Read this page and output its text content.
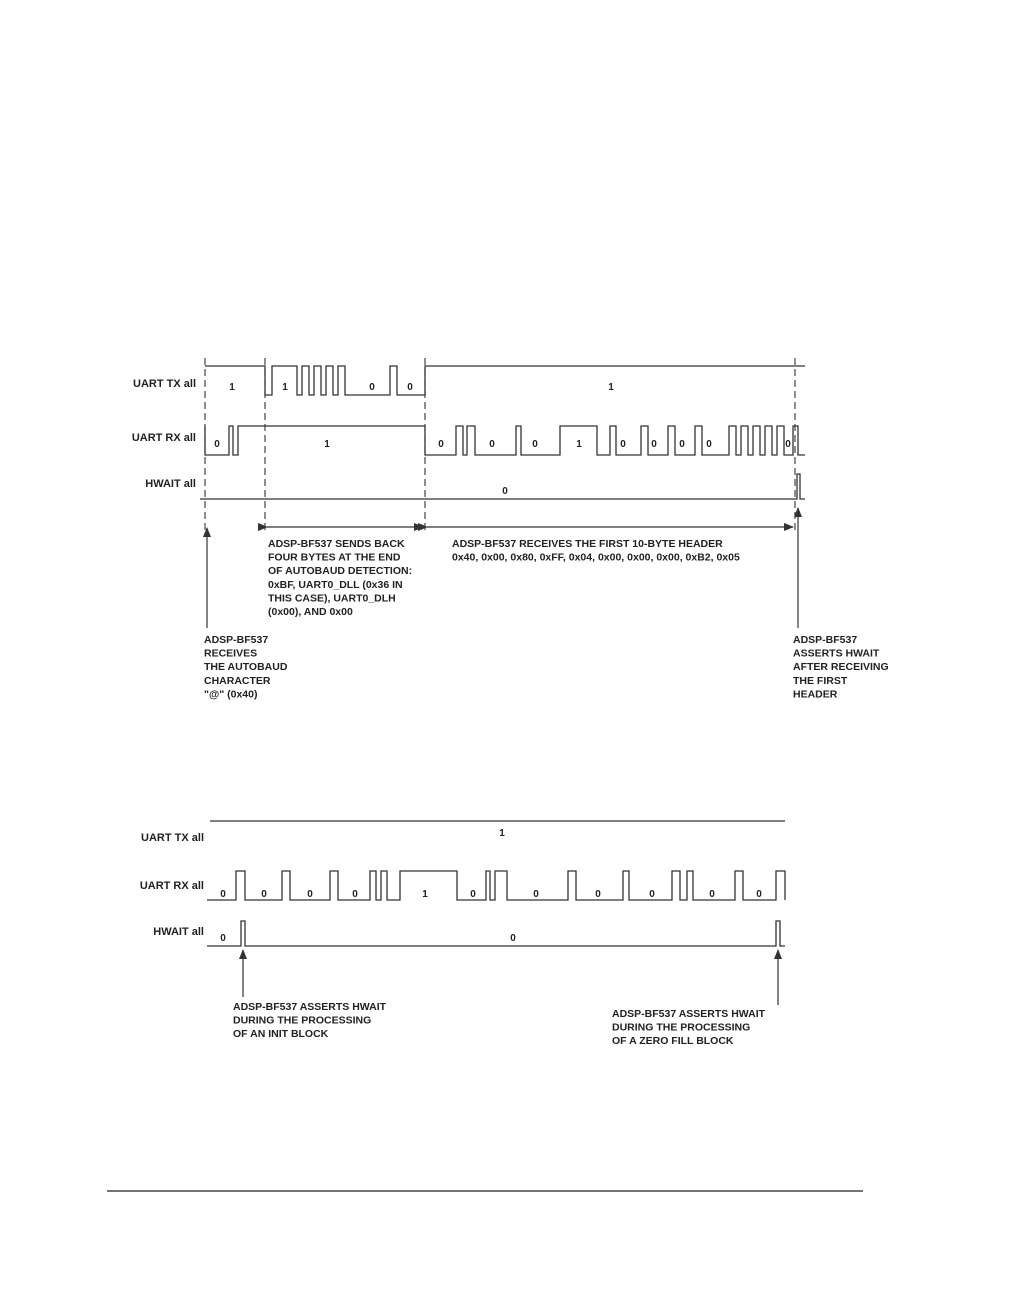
UART TX all
UART RX all
HWAIT all
1	1	0	0	1
0	1	0	0	0	1	0	0 0 0	0
0
ADSP-BF537 SENDS BACK FOUR BYTES AT THE END OF AUTOBAUD DETECTION: 0xBF, UART0_DLL (0x36 IN THIS CASE), UART0_DLH (0x00), AND 0x00
ADSP-BF537 RECEIVES THE FIRST 10-BYTE HEADER 0x40, 0x00, 0x80, 0xFF, 0x04, 0x00, 0x00, 0x00, 0xB2, 0x05
ADSP-BF537 RECEIVES THE AUTOBAUD CHARACTER "@" (0x40)
ADSP-BF537 ASSERTS HWAIT AFTER RECEIVING THE FIRST HEADER
UART TX all
UART RX all
HWAIT all
1
0	0	0	0	1	0	0	0	0	0	0
0	0
ADSP-BF537 ASSERTS HWAIT DURING THE PROCESSING OF AN INIT BLOCK
ADSP-BF537 ASSERTS HWAIT DURING THE PROCESSING OF A ZERO FILL BLOCK
